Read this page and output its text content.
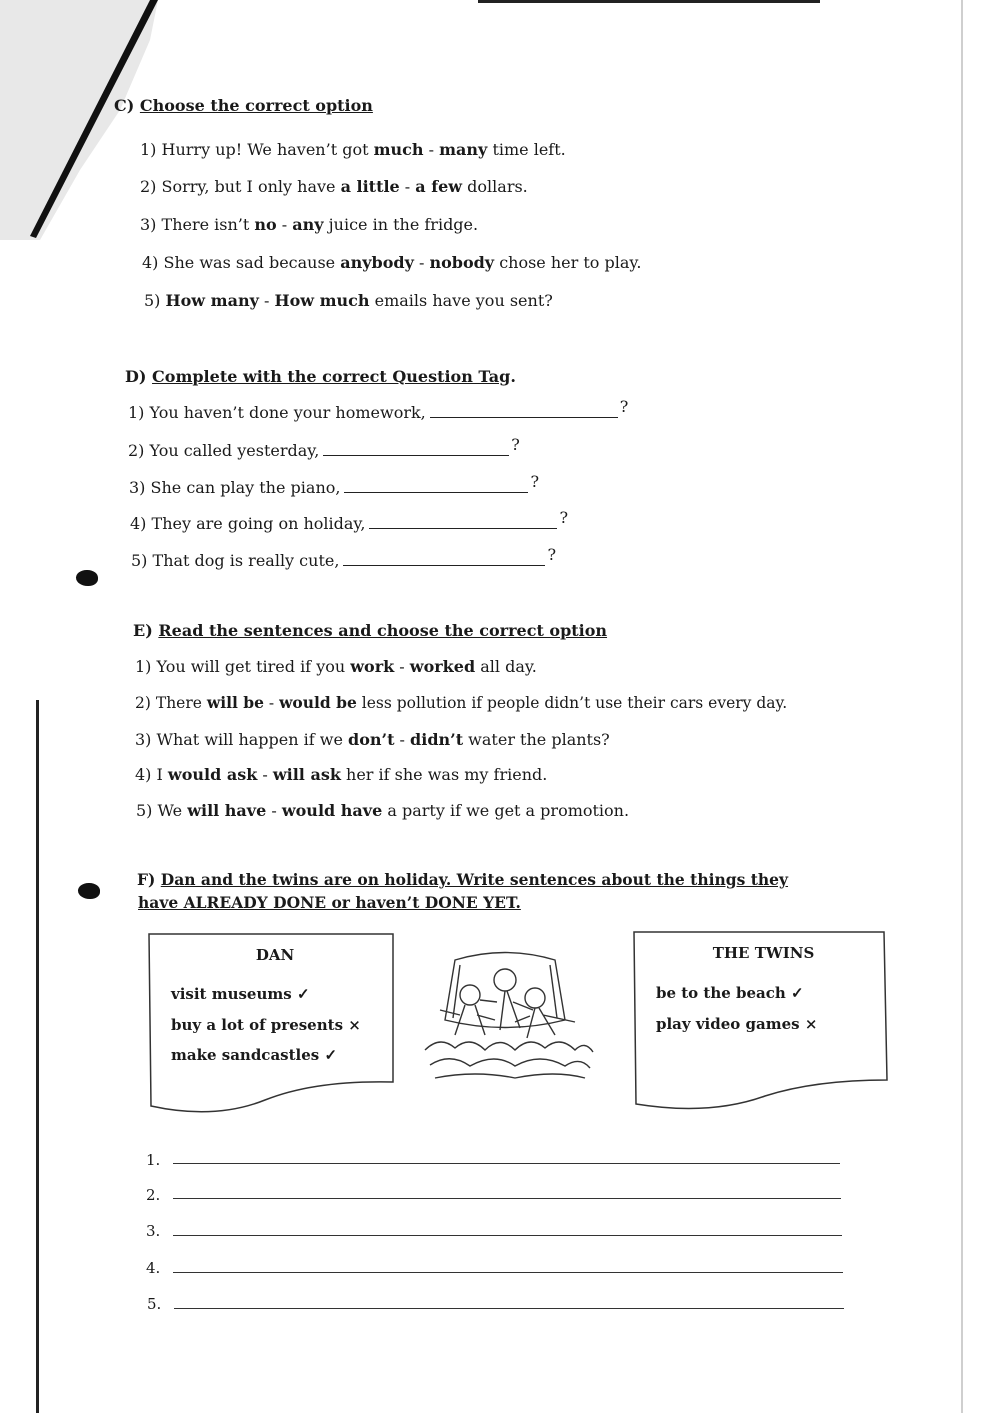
C) Choose the correct option
1) Hurry up! We haven’t got much - many time left.
2) Sorry, but I only have a little - a few dollars.
3) There isn’t no - any juice in the fridge.
4) She was sad because anybody - nobody chose her to play.
5) How many - How much emails have you sent?
D) Complete with the correct Question Tag.
1) You haven’t done your homework,	?
2) You called yesterday,	?
3) She can play the piano,	?
4) They are going on holiday,	?
5) That dog is really cute,	?
E) Read the sentences and choose the correct option
1) You will get tired if you work - worked all day.
2) There will be - would be less pollution if people didn’t use their cars every day.
3) What will happen if we don’t - didn’t water the plants?
4) I would ask - will ask her if she was my friend.
5) We will have - would have a party if we get a promotion.
F) Dan and the twins are on holiday. Write sentences about the things they
have ALREADY DONE or haven’t DONE YET.
DAN
visit museums ✓
buy a lot of presents ×
make sandcastles ✓
THE TWINS
be to the beach ✓
play video games ×
1.
2.
3.
4.
5.
